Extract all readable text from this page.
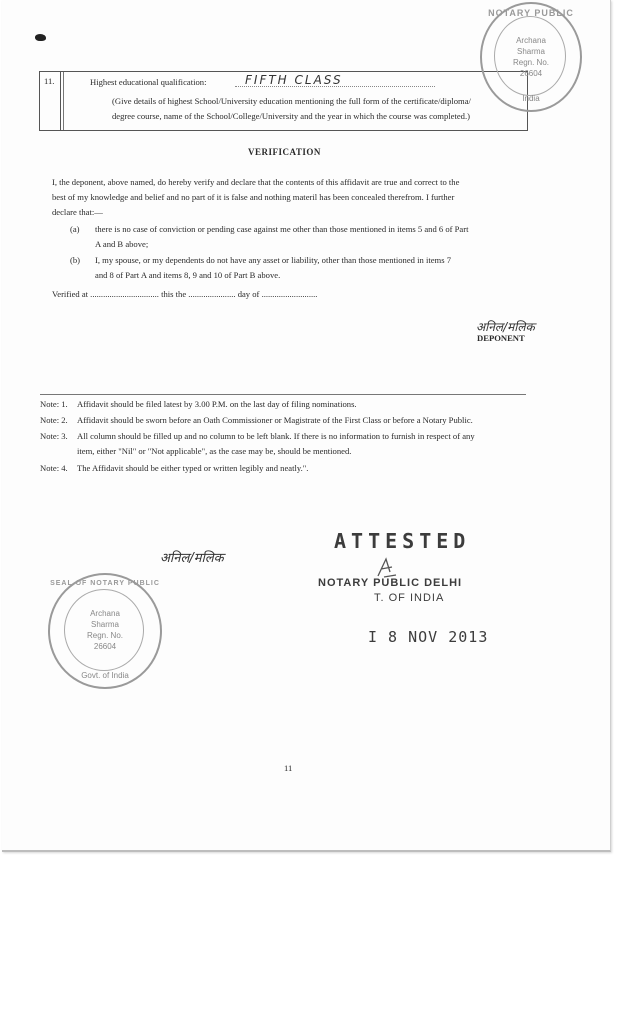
11.	Highest educational qualification:	FIFTH CLASS
(Give details of highest School/University education mentioning the full form of the certificate/diploma/
degree course, name of the School/College/University and the year in which the course was completed.)
NOTARY PUBLIC
Archana
Sharma
Regn. No.
26604
India
VERIFICATION
I, the deponent, above named, do hereby verify and declare that the contents of this affidavit are true and correct to the
best of my knowledge and belief and no part of it is false and nothing materil has been concealed therefrom. I further
declare that:—
(a) there is no case of conviction or pending case against me other than those mentioned in items 5 and 6 of Part
A and B above;
(b) I, my spouse, or my dependents do not have any asset or liability, other than those mentioned in items 7
and 8 of Part A and items 8, 9 and 10 of Part B above.
Verified at ................................ this the ...................... day of ..........................
अनिल/मलिक
DEPONENT
Note: 1. Affidavit should be filed latest by 3.00 P.M. on the last day of filing nominations.
Note: 2. Affidavit should be sworn before an Oath Commissioner or Magistrate of the First Class or before a Notary Public.
Note: 3. All column should be filled up and no column to be left blank. If there is no information to furnish in respect of any
item, either "Nil" or "Not applicable", as the case may be, should be mentioned.
Note: 4. The Affidavit should be either typed or written legibly and neatly.".
अनिल/मलिक
SEAL OF NOTARY PUBLIC
Archana
Sharma
Regn. No.
26604
Govt. of India
ATTESTED
NOTARY PUBLIC DELHI
T. OF INDIA
I 8 NOV 2013
11
